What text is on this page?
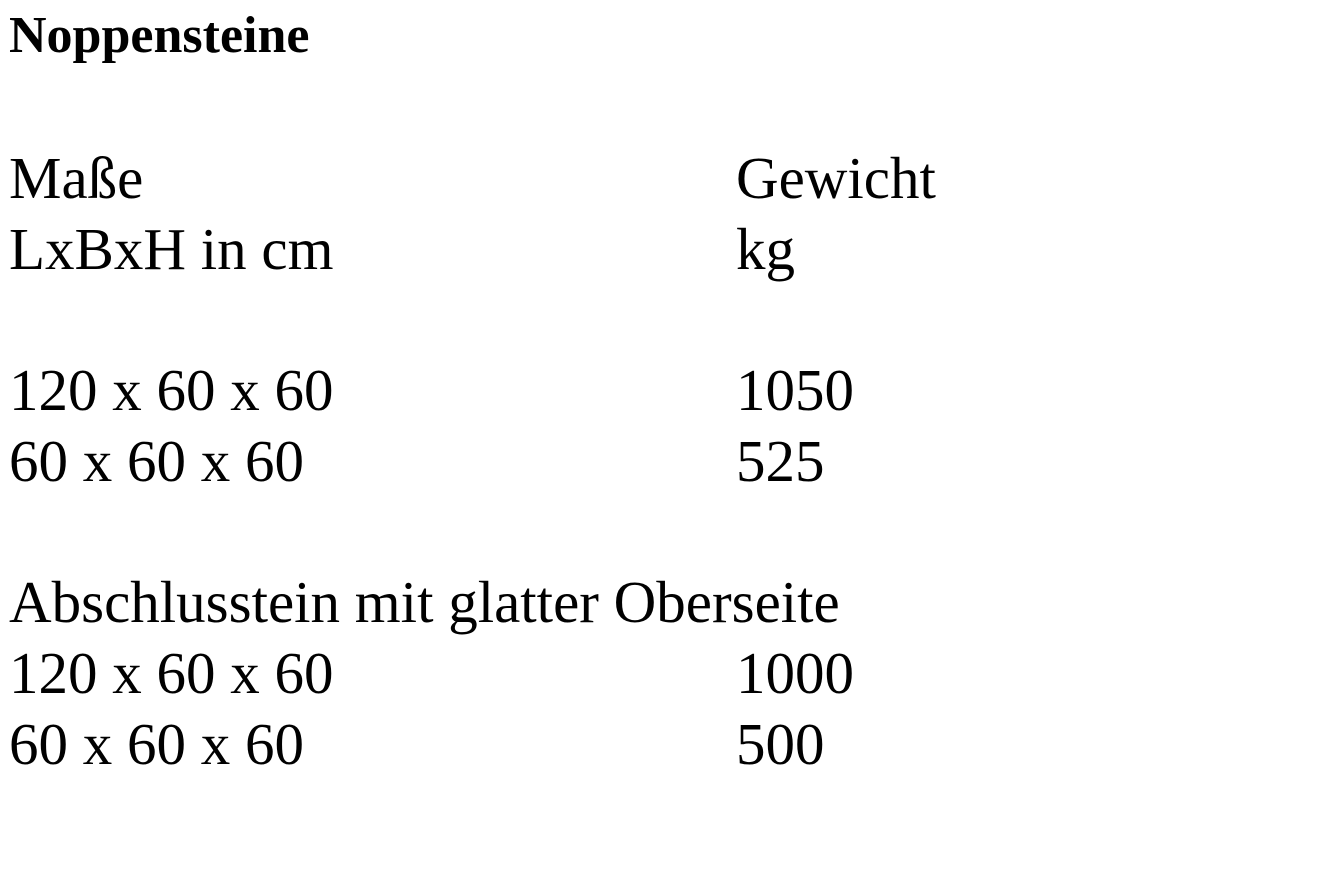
Noppensteine
Maße	Gewicht
LxBxH in cm	kg
120 x 60 x 60	1050
60 x 60 x 60	525
Abschlusstein mit glatter Oberseite
120 x 60 x 60	1000
60 x 60 x 60	500
